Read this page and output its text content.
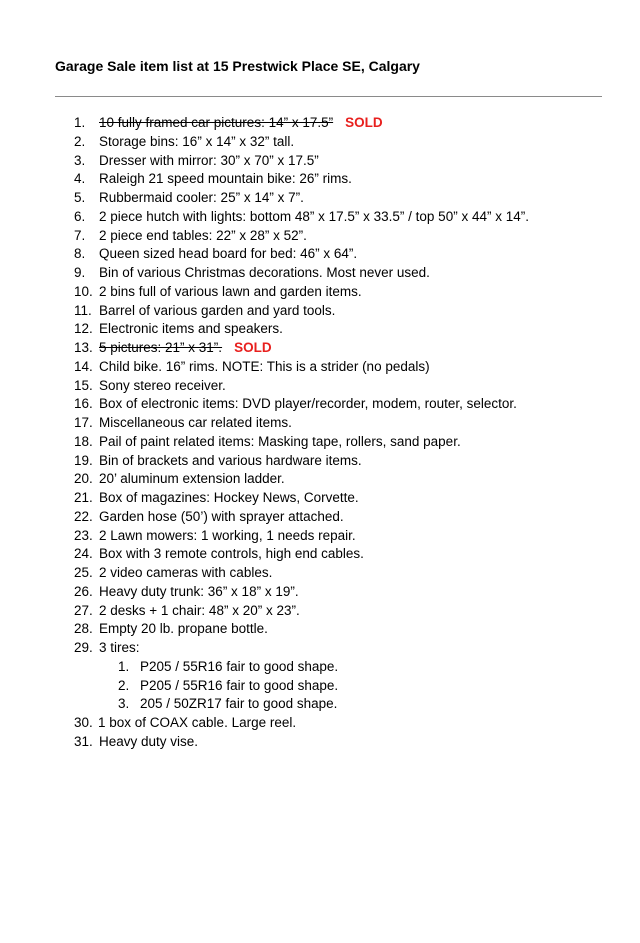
Garage Sale item list at 15 Prestwick Place SE, Calgary
1. 10 fully framed car pictures: 14” x 17.5” SOLD
2. Storage bins: 16” x 14” x 32” tall.
3. Dresser with mirror: 30” x 70” x 17.5”
4. Raleigh 21 speed mountain bike: 26” rims.
5. Rubbermaid cooler: 25” x 14” x 7”.
6. 2 piece hutch with lights: bottom 48” x 17.5” x 33.5” / top 50” x 44” x 14”.
7. 2 piece end tables: 22” x 28” x 52”.
8. Queen sized head board for bed: 46” x 64”.
9. Bin of various Christmas decorations. Most never used.
10. 2 bins full of various lawn and garden items.
11. Barrel of various garden and yard tools.
12. Electronic items and speakers.
13. 5 pictures: 21” x 31”. SOLD
14. Child bike. 16” rims. NOTE: This is a strider (no pedals)
15. Sony stereo receiver.
16. Box of electronic items: DVD player/recorder, modem, router, selector.
17. Miscellaneous car related items.
18. Pail of paint related items: Masking tape, rollers, sand paper.
19. Bin of brackets and various hardware items.
20. 20’ aluminum extension ladder.
21. Box of magazines: Hockey News, Corvette.
22. Garden hose (50’) with sprayer attached.
23. 2 Lawn mowers: 1 working, 1 needs repair.
24. Box with 3 remote controls, high end cables.
25. 2 video cameras with cables.
26. Heavy duty trunk: 36” x 18” x 19”.
27. 2 desks + 1 chair: 48” x 20” x 23”.
28. Empty 20 lb. propane bottle.
29. 3 tires:
1. P205 / 55R16 fair to good shape.
2. P205 / 55R16 fair to good shape.
3. 205 / 50ZR17 fair to good shape.
30. 1 box of COAX cable. Large reel.
31. Heavy duty vise.
